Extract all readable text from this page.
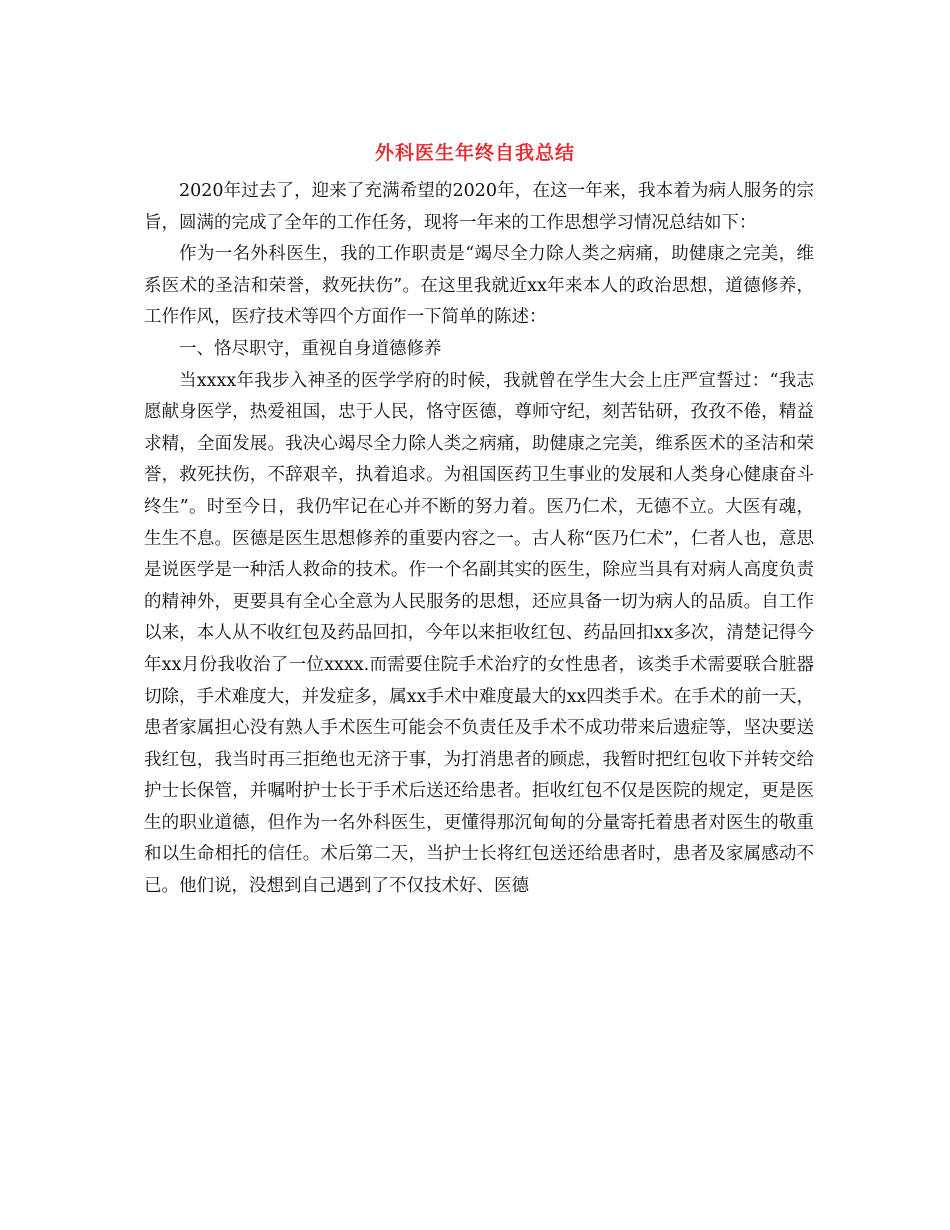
外科医生年终自我总结

2020年过去了，迎来了充满希望的2020年，在这一年来，我本着为病人服务的宗旨，圆满的完成了全年的工作任务，现将一年来的工作思想学习情况总结如下：

作为一名外科医生，我的工作职责是“竭尽全力除人类之病痛，助健康之完美，维系医术的圣洁和荣誉，救死扶伤”。在这里我就近xx年来本人的政治思想，道德修养，工作作风，医疗技术等四个方面作一下简单的陈述：

一、恪尽职守，重视自身道德修养

当xxxx年我步入神圣的医学学府的时候，我就曾在学生大会上庄严宣誓过：“我志愿献身医学，热爱祖国，忠于人民，恪守医德，尊师守纪，刻苦钻研，孜孜不倦，精益求精，全面发展。我决心竭尽全力除人类之病痛，助健康之完美，维系医术的圣洁和荣誉，救死扶伤，不辞艰辛，执着追求。为祖国医药卫生事业的发展和人类身心健康奋斗终生”。时至今日，我仍牢记在心并不断的努力着。医乃仁术，无德不立。大医有魂，生生不息。医德是医生思想修养的重要内容之一。古人称“医乃仁术”，仁者人也，意思是说医学是一种活人救命的技术。作一个名副其实的医生，除应当具有对病人高度负责的精神外，更要具有全心全意为人民服务的思想，还应具备一切为病人的品质。自工作以来，本人从不收红包及药品回扣，今年以来拒收红包、药品回扣xx多次，清楚记得今年xx月份我收治了一位xxxx.而需要住院手术治疗的女性患者，该类手术需要联合脏器切除，手术难度大，并发症多，属xx手术中难度最大的xx四类手术。在手术的前一天，患者家属担心没有熟人手术医生可能会不负责任及手术不成功带来后遗症等，坚决要送我红包，我当时再三拒绝也无济于事，为打消患者的顾虑，我暂时把红包收下并转交给护士长保管，并嘱咐护士长于手术后送还给患者。拒收红包不仅是医院的规定，更是医生的职业道德，但作为一名外科医生，更懂得那沉甸甸的分量寄托着患者对医生的敬重和以生命相托的信任。术后第二天，当护士长将红包送还给患者时，患者及家属感动不已。他们说，没想到自己遇到了不仅技术好、医德
